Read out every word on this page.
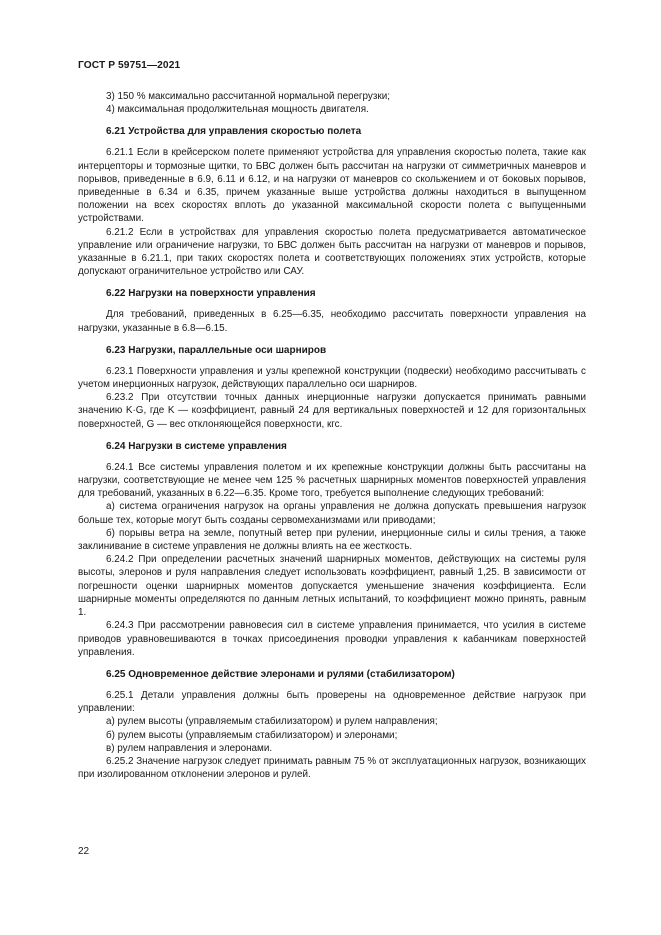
ГОСТ Р 59751—2021

3) 150 % максимально рассчитанной нормальной перегрузки;

4) максимальная продолжительная мощность двигателя.

6.21 Устройства для управления скоростью полета

6.21.1 Если в крейсерском полете применяют устройства для управления скоростью полета, такие как интерцепторы и тормозные щитки, то БВС должен быть рассчитан на нагрузки от симметричных маневров и порывов, приведенные в 6.9, 6.11 и 6.12, и на нагрузки от маневров со скольжением и от боковых порывов, приведенные в 6.34 и 6.35, причем указанные выше устройства должны находиться в выпущенном положении на всех скоростях вплоть до указанной максимальной скорости полета с выпущенными устройствами.

6.21.2 Если в устройствах для управления скоростью полета предусматривается автоматическое управление или ограничение нагрузки, то БВС должен быть рассчитан на нагрузки от маневров и порывов, указанные в 6.21.1, при таких скоростях полета и соответствующих положениях этих устройств, которые допускают ограничительное устройство или САУ.

6.22 Нагрузки на поверхности управления

Для требований, приведенных в 6.25—6.35, необходимо рассчитать поверхности управления на нагрузки, указанные в 6.8—6.15.

6.23 Нагрузки, параллельные оси шарниров

6.23.1 Поверхности управления и узлы крепежной конструкции (подвески) необходимо рассчитывать с учетом инерционных нагрузок, действующих параллельно оси шарниров.

6.23.2 При отсутствии точных данных инерционные нагрузки допускается принимать равными значению K·G, где K — коэффициент, равный 24 для вертикальных поверхностей и 12 для горизонтальных поверхностей, G — вес отклоняющейся поверхности, кгс.

6.24 Нагрузки в системе управления

6.24.1 Все системы управления полетом и их крепежные конструкции должны быть рассчитаны на нагрузки, соответствующие не менее чем 125 % расчетных шарнирных моментов поверхностей управления для требований, указанных в 6.22—6.35. Кроме того, требуется выполнение следующих требований:

а) система ограничения нагрузок на органы управления не должна допускать превышения нагрузок больше тех, которые могут быть созданы сервомеханизмами или приводами;

б) порывы ветра на земле, попутный ветер при рулении, инерционные силы и силы трения, а также заклинивание в системе управления не должны влиять на ее жесткость.

6.24.2 При определении расчетных значений шарнирных моментов, действующих на системы руля высоты, элеронов и руля направления следует использовать коэффициент, равный 1,25. В зависимости от погрешности оценки шарнирных моментов допускается уменьшение значения коэффициента. Если шарнирные моменты определяются по данным летных испытаний, то коэффициент можно принять, равным 1.

6.24.3 При рассмотрении равновесия сил в системе управления принимается, что усилия в системе приводов уравновешиваются в точках присоединения проводки управления к кабанчикам поверхностей управления.

6.25 Одновременное действие элеронами и рулями (стабилизатором)

6.25.1 Детали управления должны быть проверены на одновременное действие нагрузок при управлении:

а) рулем высоты (управляемым стабилизатором) и рулем направления;

б) рулем высоты (управляемым стабилизатором) и элеронами;

в) рулем направления и элеронами.

6.25.2 Значение нагрузок следует принимать равным 75 % от эксплуатационных нагрузок, возникающих при изолированном отклонении элеронов и рулей.

22
